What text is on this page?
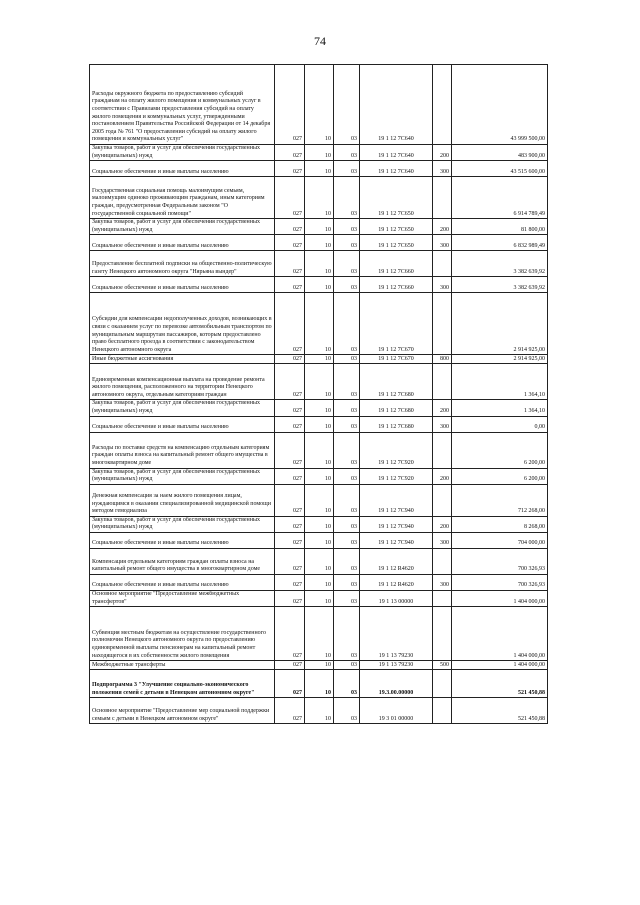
74
Расходы окружного бюджета по предоставлению субсидий гражданам на оплату жилого помещения и коммунальных услуг в соответствии с Правилами предоставления субсидий на оплату жилого помещения и коммунальных услуг, утвержденными постановлением Правительства Российской Федерации от 14 декабря 2005 года № 761 "О предоставлении субсидий на оплату жилого помещения и коммунальных услуг"	027	10	03	19 1 12 7С640		43 999 500,00
Закупка товаров, работ и услуг для обеспечения государственных (муниципальных) нужд	027	10	03	19 1 12 7С640	200	483 900,00
Социальное обеспечение и иные выплаты населению	027	10	03	19 1 12 7С640	300	43 515 600,00
Государственная социальная помощь малоимущим семьям, малоимущим одиноко проживающим гражданам, иным категориям граждан, предусмотренная Федеральным законом "О государственной социальной помощи"	027	10	03	19 1 12 7С650		6 914 789,49
Закупка товаров, работ и услуг для обеспечения государственных (муниципальных) нужд	027	10	03	19 1 12 7С650	200	81 800,00
Социальное обеспечение и иные выплаты населению	027	10	03	19 1 12 7С650	300	6 832 989,49
Предоставление бесплатной подписки на общественно-политическую газету Ненецкого автономного округа "Нярьяна вындер"	027	10	03	19 1 12 7С660		3 382 639,92
Социальное обеспечение и иные выплаты населению	027	10	03	19 1 12 7С660	300	3 382 639,92
Субсидии для компенсации недополученных доходов, возникающих в связи с оказанием услуг по перевозке автомобильным транспортом по муниципальным маршрутам пассажиров, которым предоставлено право бесплатного проезда в соответствии с законодательством Ненецкого автономного округа	027	10	03	19 1 12 7С670		2 914 925,00
Иные бюджетные ассигнования	027	10	03	19 1 12 7С670	800	2 914 925,00
Единовременная компенсационная выплата на проведение ремонта жилого помещения, расположенного на территории Ненецкого автономного округа, отдельным категориям граждан	027	10	03	19 1 12 7С680		1 364,10
Закупка товаров, работ и услуг для обеспечения государственных (муниципальных) нужд	027	10	03	19 1 12 7С680	200	1 364,10
Социальное обеспечение и иные выплаты населению	027	10	03	19 1 12 7С680	300	0,00
Расходы по поставке средств на компенсацию отдельным категориям граждан оплаты взноса на капитальный ремонт общего имущества в многоквартирном доме	027	10	03	19 1 12 7С920		6 200,00
Закупка товаров, работ и услуг для обеспечения государственных (муниципальных) нужд	027	10	03	19 1 12 7С920	200	6 200,00
Денежная компенсация за наем жилого помещения лицам, нуждающимся в оказании специализированной медицинской помощи методом гемодиализа	027	10	03	19 1 12 7С940		712 268,00
Закупка товаров, работ и услуг для обеспечения государственных (муниципальных) нужд	027	10	03	19 1 12 7С940	200	8 268,00
Социальное обеспечение и иные выплаты населению	027	10	03	19 1 12 7С940	300	704 000,00
Компенсация отдельным категориям граждан оплаты взноса на капитальный ремонт общего имущества в многоквартирном доме	027	10	03	19 1 12 R4620		700 326,93
Социальное обеспечение и иные выплаты населению	027	10	03	19 1 12 R4620	300	700 326,93
Основное мероприятие "Предоставление межбюджетных трансфертов"	027	10	03	19 1 13 00000		1 404 000,00
Субвенция местным бюджетам на осуществление государственного полномочия Ненецкого автономного округа по предоставлению единовременной выплаты пенсионерам на капитальный ремонт находящегося в их собственности жилого помещения	027	10	03	19 1 13 79230		1 404 000,00
Межбюджетные трансферты	027	10	03	19 1 13 79230	500	1 404 000,00
Подпрограмма 3 "Улучшение социально-экономического положения семей с детьми в Ненецком автономном округе"	027	10	03	19.3.00.00000		521 450,88
Основное мероприятие "Предоставление мер социальной поддержки семьям с детьми в Ненецком автономном округе"	027	10	03	19 3 01 00000		521 450,88
